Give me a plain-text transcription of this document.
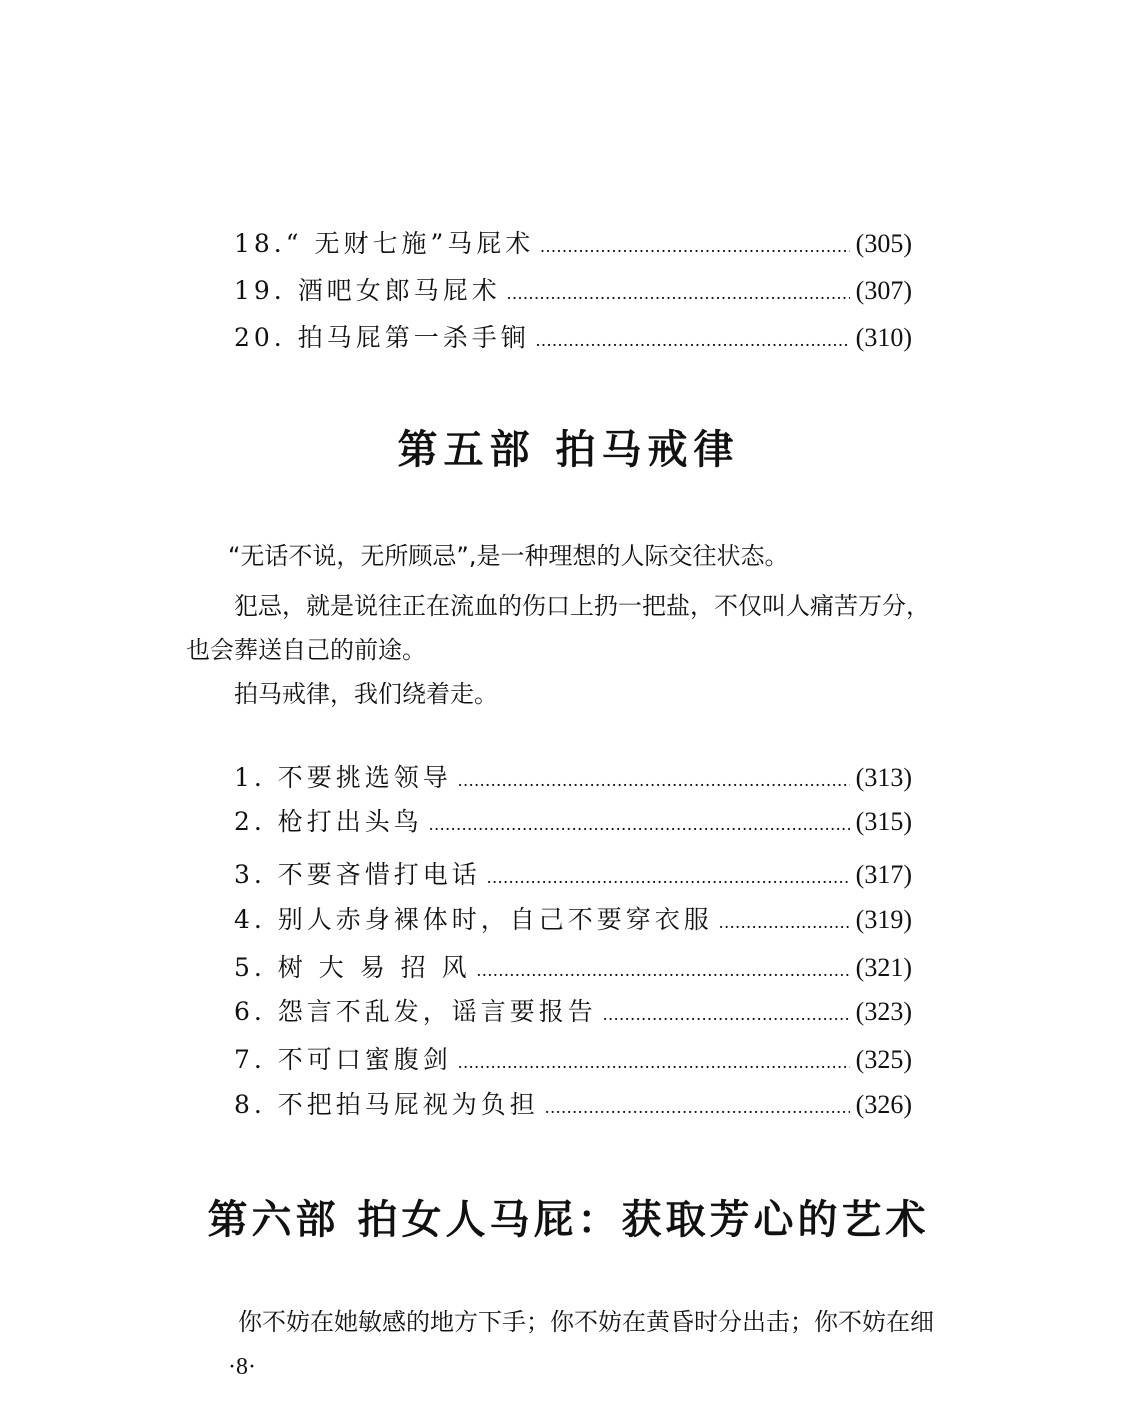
18.“ 无财七施”马屁术 .....	(305)
19. 酒吧女郎马屁术 .....	(307)
20. 拍马屁第一杀手锏 .....	(310)
第五部 拍马戒律
“无话不说，无所顾忌”,是一种理想的人际交往状态。
犯忌，就是说往正在流血的伤口上扔一把盐，不仅叫人痛苦万分，
也会葬送自己的前途。
拍马戒律，我们绕着走。
1. 不要挑选领导 .....	(313)
2. 枪打出头鸟 .....	(315)
3. 不要吝惜打电话 .....	(317)
4. 别人赤身裸体时，自己不要穿衣服 .....	(319)
5. 树 大 易 招 风 .....	(321)
6. 怨言不乱发，谣言要报告 .....	(323)
7. 不可口蜜腹剑 .....	(325)
8. 不把拍马屁视为负担 .....	(326)
第六部 拍女人马屁：获取芳心的艺术
你不妨在她敏感的地方下手；你不妨在黄昏时分出击；你不妨在细
·8·
